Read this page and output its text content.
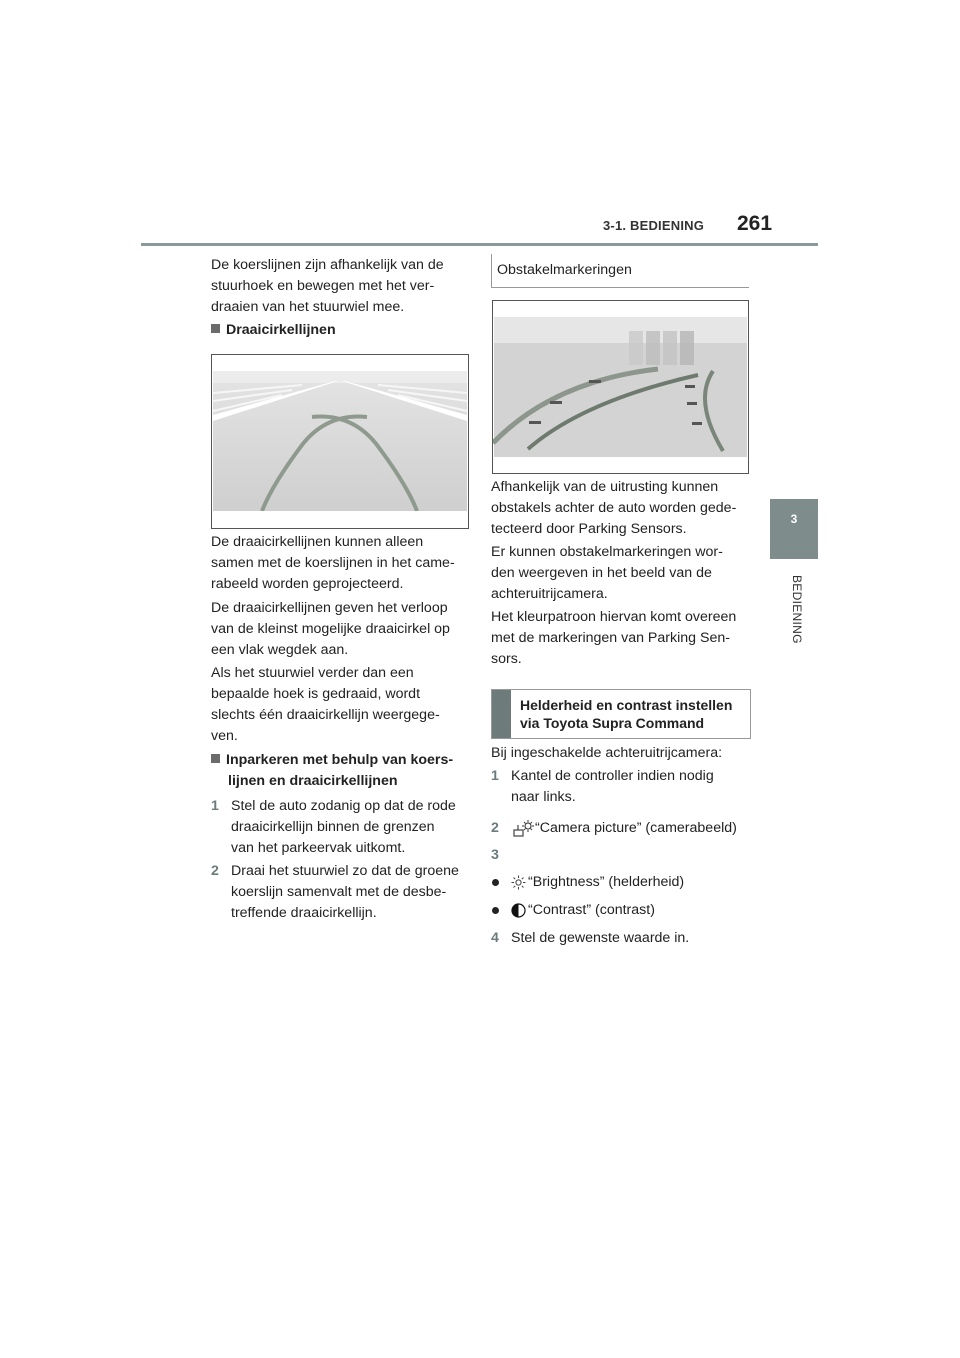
3-1. BEDIENING 261
3
BEDIENING

De koerslijnen zijn afhankelijk van de

stuurhoek en bewegen met het ver-

draaien van het stuurwiel mee.

Draaicirkellijnen

De draaicirkellijnen kunnen alleen

samen met de koerslijnen in het came-

rabeeld worden geprojecteerd.

De draaicirkellijnen geven het verloop

van de kleinst mogelijke draaicirkel op

een vlak wegdek aan.

Als het stuurwiel verder dan een

bepaalde hoek is gedraaid, wordt

slechts één draaicirkellijn weergege-

ven.

Inparkeren met behulp van koers-
lijnen en draaicirkellijnen
1 Stel de auto zodanig op dat de rode

draaicirkellijn binnen de grenzen

van het parkeervak uitkomt.

2 Draai het stuurwiel zo dat de groene

koerslijn samenvalt met de desbe-

treffende draaicirkellijn.

Obstakelmarkeringen

Afhankelijk van de uitrusting kunnen

obstakels achter de auto worden gede-

tecteerd door Parking Sensors.

Er kunnen obstakelmarkeringen wor-

den weergeven in het beeld van de

achteruitrijcamera.

Het kleurpatroon hiervan komt overeen

met de markeringen van Parking Sen-

sors.

Helderheid en contrast instellen
via Toyota Supra Command
Bij ingeschakelde achteruitrijcamera:
1 Kantel de controller indien nodig

naar links.

2	“Camera picture” (camerabeeld)

3
“Brightness” (helderheid)
“Contrast” (contrast)
4 Stel de gewenste waarde in.
